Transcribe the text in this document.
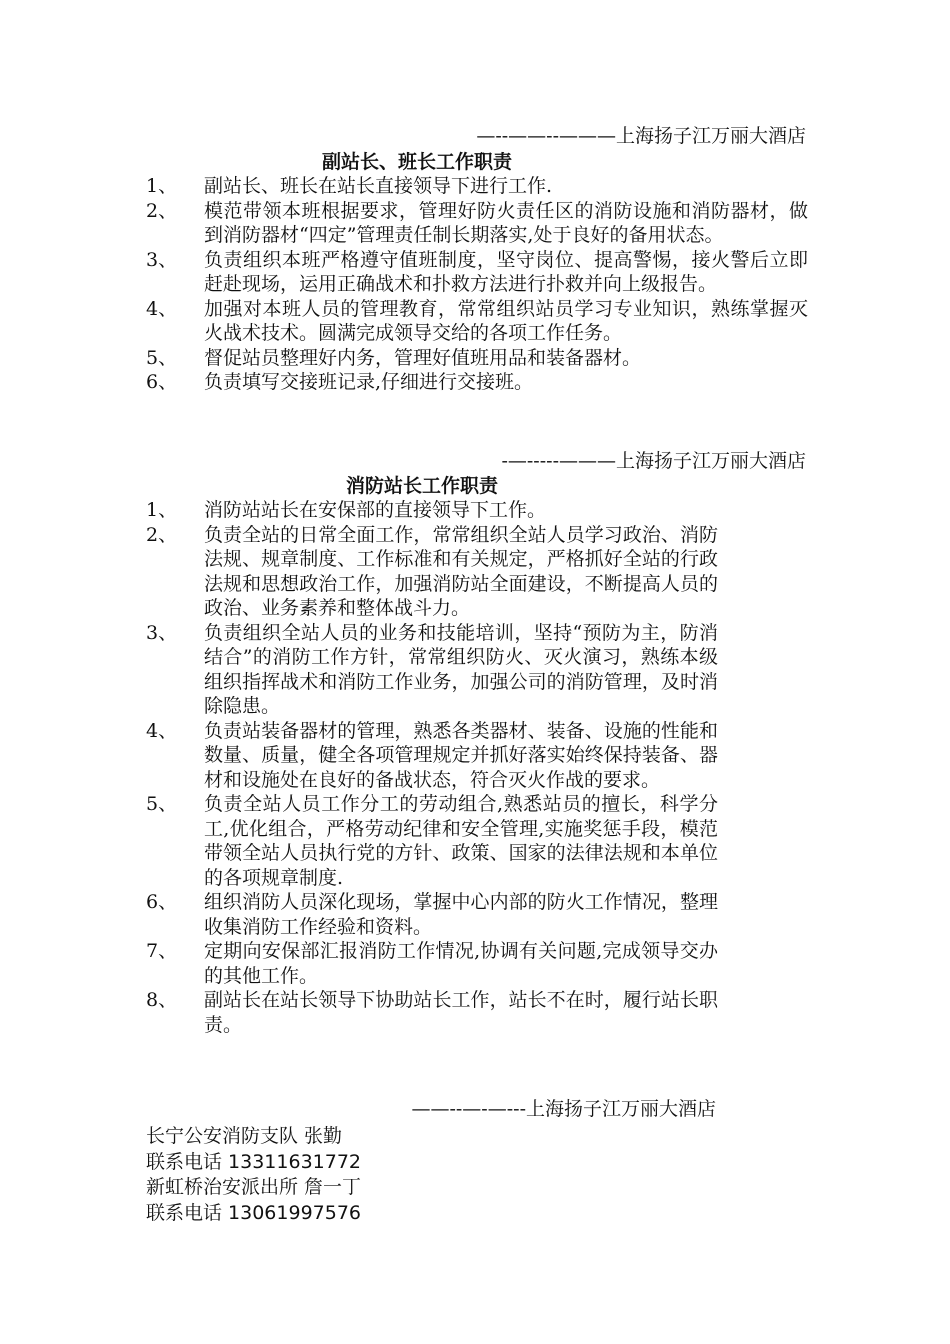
—--——--———上海扬子江万丽大酒店
副站长、班长工作职责
1、	副站长、班长在站长直接领导下进行工作.
2、	模范带领本班根据要求，管理好防火责任区的消防设施和消防器材，做到消防器材“四定”管理责任制长期落实,处于良好的备用状态。
3、	负责组织本班严格遵守值班制度，坚守岗位、提高警惕，接火警后立即赶赴现场，运用正确战术和扑救方法进行扑救并向上级报告。
4、	加强对本班人员的管理教育，常常组织站员学习专业知识，熟练掌握灭火战术技术。圆满完成领导交给的各项工作任务。
5、	督促站员整理好内务，管理好值班用品和装备器材。
6、	负责填写交接班记录,仔细进行交接班。
-—-----———上海扬子江万丽大酒店
消防站长工作职责
1、	消防站站长在安保部的直接领导下工作。
2、	负责全站的日常全面工作，常常组织全站人员学习政治、消防法规、规章制度、工作标准和有关规定，严格抓好全站的行政法规和思想政治工作，加强消防站全面建设，不断提高人员的政治、业务素养和整体战斗力。
3、	负责组织全站人员的业务和技能培训，坚持“预防为主，防消结合”的消防工作方针，常常组织防火、灭火演习，熟练本级组织指挥战术和消防工作业务，加强公司的消防管理，及时消除隐患。
4、	负责站装备器材的管理，熟悉各类器材、装备、设施的性能和数量、质量，健全各项管理规定并抓好落实始终保持装备、器材和设施处在良好的备战状态，符合灭火作战的要求。
5、	负责全站人员工作分工的劳动组合,熟悉站员的擅长，科学分工,优化组合，严格劳动纪律和安全管理,实施奖惩手段，模范带领全站人员执行党的方针、政策、国家的法律法规和本单位的各项规章制度.
6、	组织消防人员深化现场，掌握中心内部的防火工作情况，整理收集消防工作经验和资料。
7、	定期向安保部汇报消防工作情况,协调有关问题,完成领导交办的其他工作。
8、	副站长在站长领导下协助站长工作，站长不在时，履行站长职责。
——--—-—---上海扬子江万丽大酒店
长宁公安消防支队 张勤
联系电话 13311631772
新虹桥治安派出所 詹一丁
联系电话 13061997576
